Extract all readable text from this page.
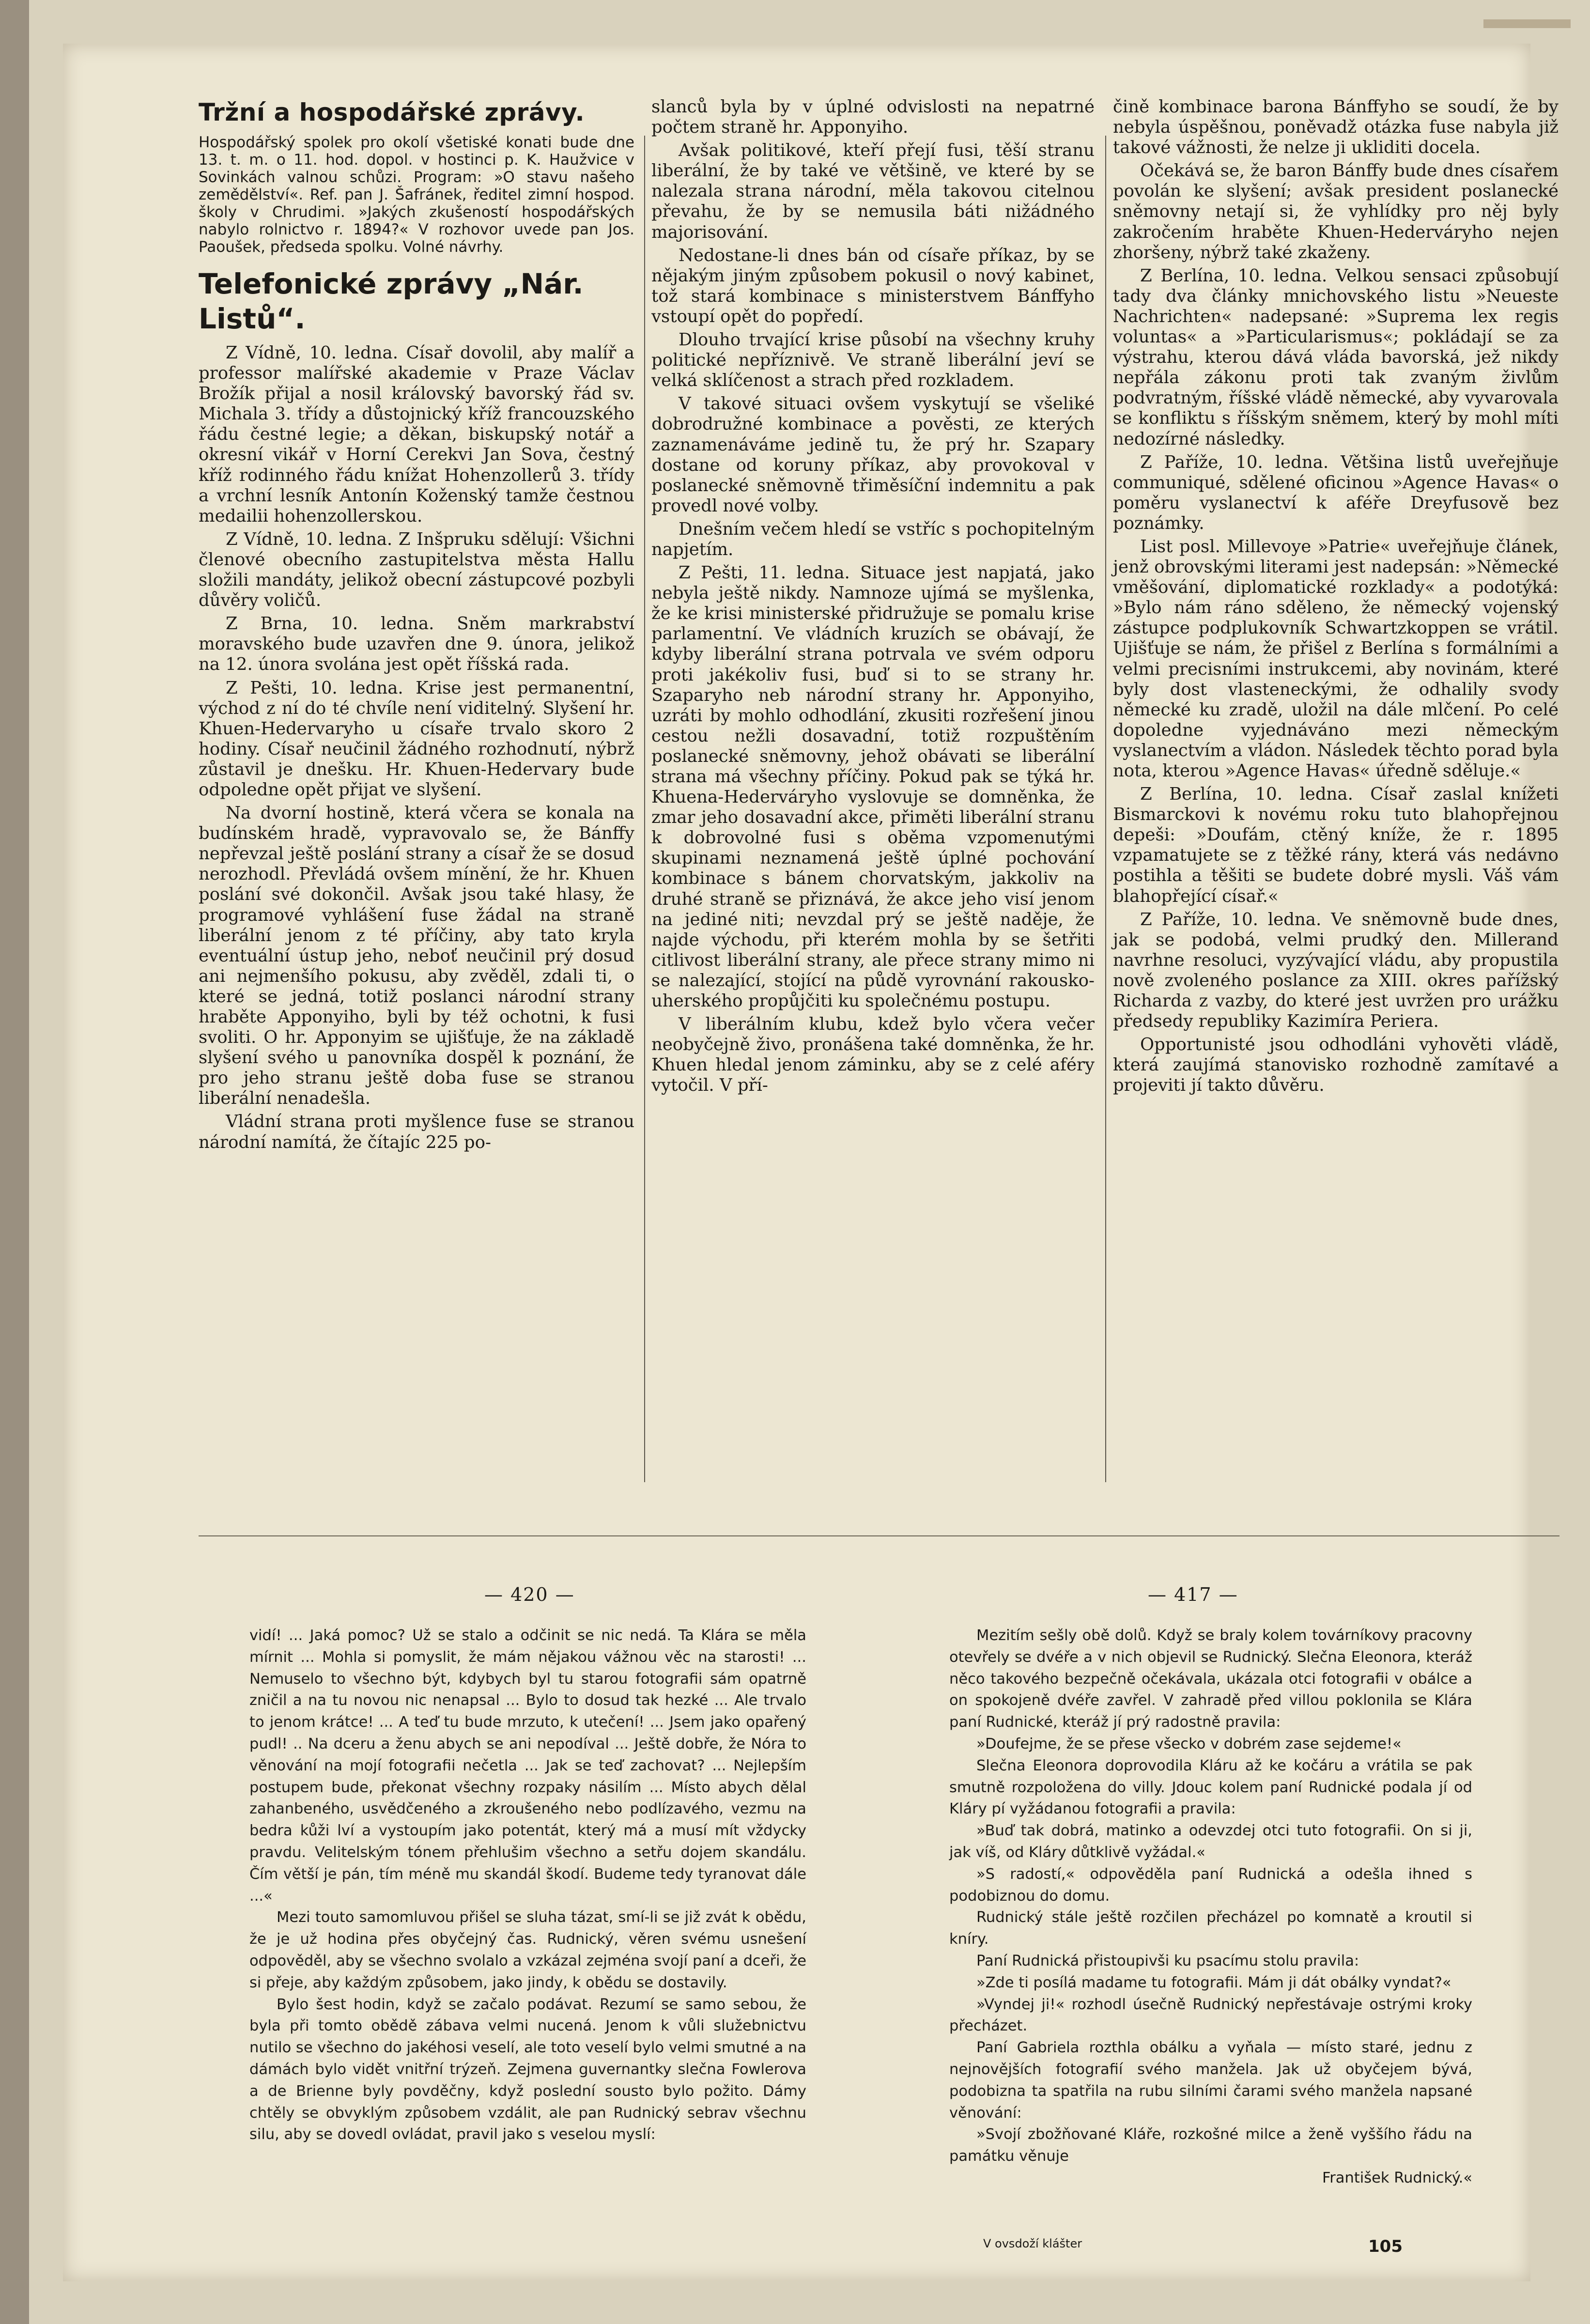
Tržní a hospodářské zprávy.

Hospodářský spolek pro okolí všetiské konati bude dne 13. t. m. o 11. hod. dopol. v hostinci p. K. Haužvice v Sovinkách valnou schůzi. Program: »O stavu našeho zemědělství«. Ref. pan J. Šafránek, ředitel zimní hospod. školy v Chrudimi. »Jakých zkušeností hospodářských nabylo rolnictvo r. 1894?« V rozhovor uvede pan Jos. Paoušek, předseda spolku. Volné návrhy.

Telefonické zprávy „Nár. Listů“.

Z Vídně, 10. ledna. Císař dovolil, aby malíř a professor malířské akademie v Praze Václav Brožík přijal a nosil královský bavorský řád sv. Michala 3. třídy a důstojnický kříž francouzského řádu čestné legie; a děkan, biskupský notář a okresní vikář v Horní Cerekvi Jan Sova, čestný kříž rodinného řádu knížat Hohenzollerů 3. třídy a vrchní lesník Antonín Koženský tamže čestnou medailii hohenzollerskou.

Z Vídně, 10. ledna. Z Inšpruku sdělují: Všichni členové obecního zastupitelstva města Hallu složili mandáty, jelikož obecní zástupcové pozbyli důvěry voličů.

Z Brna, 10. ledna. Sněm markrabství moravského bude uzavřen dne 9. února, jelikož na 12. února svolána jest opět říšská rada.

Z Pešti, 10. ledna. Krise jest permanentní, východ z ní do té chvíle není viditelný. Slyšení hr. Khuen-Hedervaryho u císaře trvalo skoro 2 hodiny. Císař neučinil žádného rozhodnutí, nýbrž zůstavil je dnešku. Hr. Khuen-Hedervary bude odpoledne opět přijat ve slyšení.

Na dvorní hostině, která včera se konala na budínském hradě, vypravovalo se, že Bánffy nepřevzal ještě poslání strany a císař že se dosud nerozhodl. Převládá ovšem mínění, že hr. Khuen poslání své dokončil. Avšak jsou také hlasy, že programové vyhlášení fuse žádal na straně liberální jenom z té příčiny, aby tato kryla eventuální ústup jeho, neboť neučinil prý dosud ani nejmenšího pokusu, aby zvěděl, zdali ti, o které se jedná, totiž poslanci národní strany hraběte Apponyiho, byli by též ochotni, k fusi svoliti. O hr. Apponyim se ujišťuje, že na základě slyšení svého u panovníka dospěl k poznání, že pro jeho stranu ještě doba fuse se stranou liberální nenadešla.

Vládní strana proti myšlence fuse se stranou národní namítá, že čítajíc 225 po-

slanců byla by v úplné odvislosti na nepatrné počtem straně hr. Apponyiho.

Avšak politikové, kteří přejí fusi, těší stranu liberální, že by také ve většině, ve které by se nalezala strana národní, měla takovou citelnou převahu, že by se nemusila báti nižádného majorisování.

Nedostane-li dnes bán od císaře příkaz, by se nějakým jiným způsobem pokusil o nový kabinet, tož stará kombinace s ministerstvem Bánffyho vstoupí opět do popředí.

Dlouho trvající krise působí na všechny kruhy politické nepříznivě. Ve straně liberální jeví se velká sklíčenost a strach před rozkladem.

V takové situaci ovšem vyskytují se všeliké dobrodružné kombinace a pověsti, ze kterých zaznamenáváme jedině tu, že prý hr. Szapary dostane od koruny příkaz, aby provokoval v poslanecké sněmovně třiměsíční indemnitu a pak provedl nové volby.

Dnešním večem hledí se vstříc s pochopitelným napjetím.

Z Pešti, 11. ledna. Situace jest napjatá, jako nebyla ještě nikdy. Namnoze ujímá se myšlenka, že ke krisi ministerské přidružuje se pomalu krise parlamentní. Ve vládních kruzích se obávají, že kdyby liberální strana potrvala ve svém odporu proti jakékoliv fusi, buď si to se strany hr. Szaparyho neb národní strany hr. Apponyiho, uzráti by mohlo odhodlání, zkusiti rozřešení jinou cestou nežli dosavadní, totiž rozpuštěním poslanecké sněmovny, jehož obávati se liberální strana má všechny příčiny. Pokud pak se týká hr. Khuena-Hederváryho vyslovuje se domněnka, že zmar jeho dosavadní akce, přiměti liberální stranu k dobrovolné fusi s oběma vzpomenutými skupinami neznamená ještě úplné pochování kombinace s bánem chorvatským, jakkoliv na druhé straně se přiznává, že akce jeho visí jenom na jediné niti; nevzdal prý se ještě naděje, že najde východu, při kterém mohla by se šetřiti citlivost liberální strany, ale přece strany mimo ni se nalezající, stojící na půdě vyrovnání rakousko-uherského propůjčiti ku společnému postupu.

V liberálním klubu, kdež bylo včera večer neobyčejně živo, pronášena také domněnka, že hr. Khuen hledal jenom záminku, aby se z celé aféry vytočil. V pří-

čině kombinace barona Bánffyho se soudí, že by nebyla úspěšnou, poněvadž otázka fuse nabyla již takové vážnosti, že nelze ji ukliditi docela.

Očekává se, že baron Bánffy bude dnes císařem povolán ke slyšení; avšak president poslanecké sněmovny netají si, že vyhlídky pro něj byly zakročením hraběte Khuen-Hederváryho nejen zhoršeny, nýbrž také zkaženy.

Z Berlína, 10. ledna. Velkou sensaci způsobují tady dva články mnichovského listu »Neueste Nachrichten« nadepsané: »Suprema lex regis voluntas« a »Particularismus«; pokládají se za výstrahu, kterou dává vláda bavorská, jež nikdy nepřála zákonu proti tak zvaným živlům podvratným, říšské vládě německé, aby vyvarovala se konfliktu s říšským sněmem, který by mohl míti nedozírné následky.

Z Paříže, 10. ledna. Většina listů uveřejňuje communiqué, sdělené oficinou »Agence Havas« o poměru vyslanectví k aféře Dreyfusově bez poznámky.

List posl. Millevoye »Patrie« uveřejňuje článek, jenž obrovskými literami jest nadepsán: »Německé vměšování, diplomatické rozklady« a podotýká: »Bylo nám ráno sděleno, že německý vojenský zástupce podplukovník Schwartzkoppen se vrátil. Ujišťuje se nám, že přišel z Berlína s formálními a velmi precisními instrukcemi, aby novinám, které byly dost vlasteneckými, že odhalily svody německé ku zradě, uložil na dále mlčení. Po celé dopoledne vyjednáváno mezi německým vyslanectvím a vládon. Následek těchto porad byla nota, kterou »Agence Havas« úředně sděluje.«

Z Berlína, 10. ledna. Císař zaslal knížeti Bismarckovi k novému roku tuto blahopřejnou depeši: »Doufám, ctěný kníže, že r. 1895 vzpamatujete se z těžké rány, která vás nedávno postihla a těšiti se budete dobré mysli. Váš vám blahopřející císař.«

Z Paříže, 10. ledna. Ve sněmovně bude dnes, jak se podobá, velmi prudký den. Millerand navrhne resoluci, vyzývající vládu, aby propustila nově zvoleného poslance za XIII. okres pařížský Richarda z vazby, do které jest uvržen pro urážku předsedy republiky Kazimíra Periera.

Opportunisté jsou odhodláni vyhověti vládě, která zaujímá stanovisko rozhodně zamítavé a projeviti jí takto důvěru.

— 420 —	— 417 —

vidí! ... Jaká pomoc? Už se stalo a odčinit se nic nedá. Ta Klára se měla mírnit ... Mohla si pomyslit, že mám nějakou vážnou věc na starosti! ... Nemuselo to všechno být, kdybych byl tu starou fotografii sám opatrně zničil a na tu novou nic nenapsal ... Bylo to dosud tak hezké ... Ale trvalo to jenom krátce! ... A teď tu bude mrzuto, k utečení! ... Jsem jako opařený pudl! .. Na dceru a ženu abych se ani nepodíval ... Ještě dobře, že Nóra to věnování na mojí fotografii nečetla ... Jak se teď zachovat? ... Nejlepším postupem bude, překonat všechny rozpaky násilím ... Místo abych dělal zahanbeného, usvědčeného a zkroušeného nebo podlízavého, vezmu na bedra kůži lví a vystoupím jako potentát, který má a musí mít vždycky pravdu. Velitelským tónem přehlušim všechno a setřu dojem skandálu. Čím větší je pán, tím méně mu skandál škodí. Budeme tedy tyranovat dále ...«

Mezi touto samomluvou přišel se sluha tázat, smí-li se již zvát k obědu, že je už hodina přes obyčejný čas. Rudnický, věren svému usnešení odpověděl, aby se všechno svolalo a vzkázal zejména svojí paní a dceři, že si přeje, aby každým způsobem, jako jindy, k obědu se dostavily.

Bylo šest hodin, když se začalo podávat. Rezumí se samo sebou, že byla při tomto obědě zábava velmi nucená. Jenom k vůli služebnictvu nutilo se všechno do jakéhosi veselí, ale toto veselí bylo velmi smutné a na dámách bylo vidět vnitřní trýzeň. Zejmena guvernantky slečna Fowlerova a de Brienne byly povděčny, když poslední sousto bylo požito. Dámy chtěly se obvyklým způsobem vzdálit, ale pan Rudnický sebrav všechnu silu, aby se dovedl ovládat, pravil jako s veselou myslí:

Mezitím sešly obě dolů. Když se braly kolem továrníkovy pracovny otevřely se dvéře a v nich objevil se Rudnický. Slečna Eleonora, kteráž něco takového bezpečně očekávala, ukázala otci fotografii v obálce a on spokojeně dvéře zavřel. V zahradě před villou poklonila se Klára paní Rudnické, kteráž jí prý radostně pravila:

»Doufejme, že se přese všecko v dobrém zase sejdeme!«

Slečna Eleonora doprovodila Kláru až ke kočáru a vrátila se pak smutně rozpoložena do villy. Jdouc kolem paní Rudnické podala jí od Kláry pí vyžádanou fotografii a pravila:

»Buď tak dobrá, matinko a odevzdej otci tuto fotografii. On si ji, jak víš, od Kláry důtklivě vyžádal.«

»S radostí,« odpověděla paní Rudnická a odešla ihned s podobiznou do domu.

Rudnický stále ještě rozčilen přecházel po komnatě a kroutil si kníry.

Paní Rudnická přistoupivši ku psacímu stolu pravila:

»Zde ti posílá madame tu fotografii. Mám ji dát obálky vyndat?«

»Vyndej ji!« rozhodl úsečně Rudnický nepřestávaje ostrými kroky přecházet.

Paní Gabriela rozthla obálku a vyňala — místo staré, jednu z nejnovějších fotografií svého manžela. Jak už obyčejem bývá, podobizna ta spatřila na rubu silními čarami svého manžela napsané věnování:

»Svojí zbožňované Kláře, rozkošné milce a ženě vyššího řádu na památku věnuje

František Rudnický.«

V ovsdoží klášter	105
